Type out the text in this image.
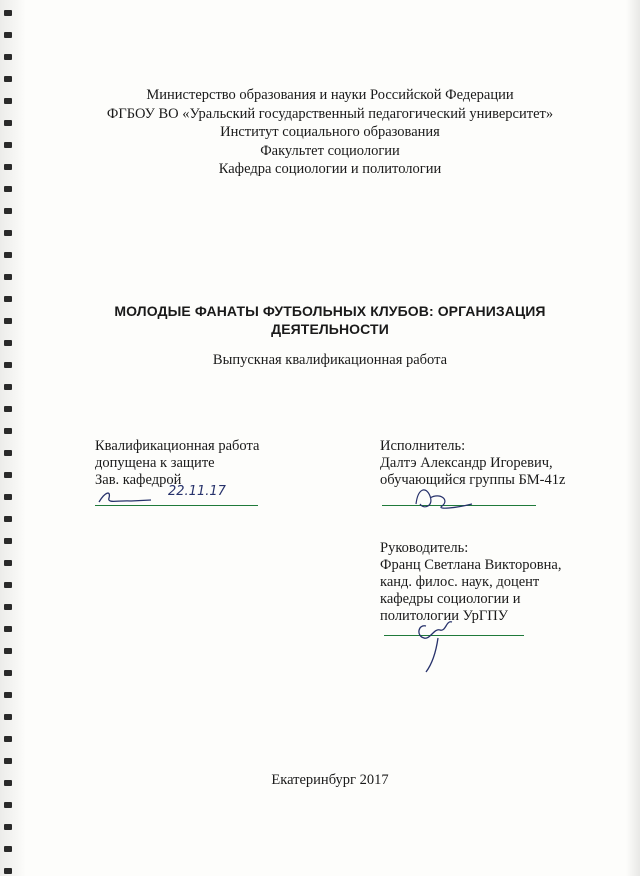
Министерство образования и науки Российской Федерации
ФГБОУ ВО «Уральский государственный педагогический университет»
Институт социального образования
Факультет социологии
Кафедра социологии и политологии
МОЛОДЫЕ ФАНАТЫ ФУТБОЛЬНЫХ КЛУБОВ: ОРГАНИЗАЦИЯ
ДЕЯТЕЛЬНОСТИ
Выпускная квалификационная работа
Квалификационная работа
допущена к защите
Зав. кафедрой
22.11.17
Исполнитель:
Далтэ Александр Игоревич,
обучающийся группы БМ-41z
Руководитель:
Франц Светлана Викторовна,
канд. филос. наук, доцент
кафедры социологии и
политологии УрГПУ
Екатеринбург 2017
